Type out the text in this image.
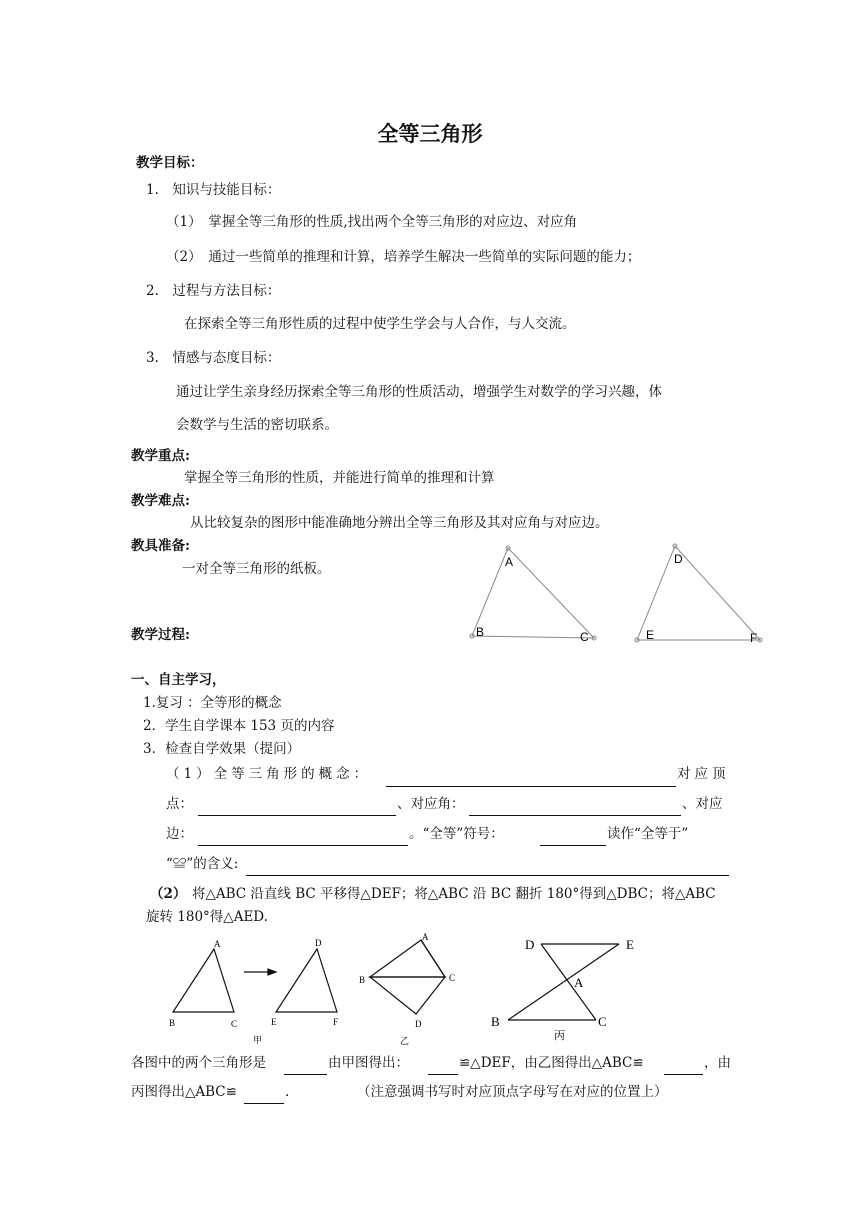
全等三角形
教学目标：
1.　知识与技能目标：
（1）　掌握全等三角形的性质,找出两个全等三角形的对应边、对应角
（2）　通过一些简单的推理和计算，培养学生解决一些简单的实际问题的能力；
2.　过程与方法目标：
在探索全等三角形性质的过程中使学生学会与人合作，与人交流。
3.　情感与态度目标：
通过让学生亲身经历探索全等三角形的性质活动，增强学生对数学的学习兴趣，体
会数学与生活的密切联系。
教学重点:
掌握全等三角形的性质，并能进行简单的推理和计算
教学难点:
从比较复杂的图形中能准确地分辨出全等三角形及其对应角与对应边。
教具准备:
一对全等三角形的纸板。
教学过程:
一、自主学习，
1.复习 ：全等形的概念
2．学生自学课本 153 页的内容
3．检查自学效果（提问）
（1）全等三角形的概念：	对应顶
点：	、对应角：	、对应
边：	。“全等”符号：	读作“全等于”
“≌”的含义:
（2） 将△ABC 沿直线 BC 平移得△DEF；将△ABC 沿 BC 翻折 180°得到△DBC；将△ABC
旋转 180°得△AED.
各图中的两个三角形是	由甲图得出：	≌△DEF，由乙图得出△ABC≌	，由
丙图得出△ABC≌	.	（注意强调书写时对应顶点字母写在对应的位置上）
A
B	C
D
E	F
A
B	C
D
E	F
甲
A
B	C
D
乙
D	E
A
B	C
丙
